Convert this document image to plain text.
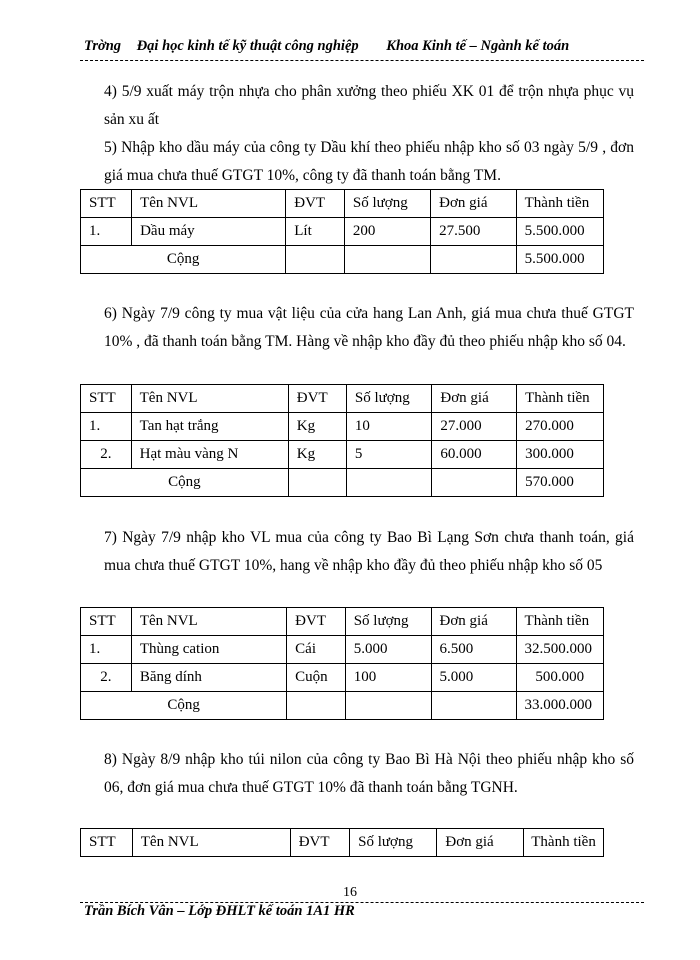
Trờng Đại học kinh tế kỹ thuật công nghiệp Khoa Kinh tế – Ngành kế toán
4) 5/9 xuất máy trộn nhựa cho phân xưởng theo phiếu XK 01 để trộn nhựa phục vụ sản xu ất
5) Nhập kho dầu máy của công ty Dầu khí theo phiếu nhập kho số 03 ngày 5/9 , đơn giá mua chưa thuế GTGT 10%, công ty đã thanh toán bằng TM.
STT	Tên NVL	ĐVT	Số lượng	Đơn giá	Thành tiền
1.	Dầu máy	Lít	200	27.500	5.500.000
Cộng					5.500.000
6) Ngày 7/9 công ty mua vật liệu của cửa hang Lan Anh, giá mua chưa thuế GTGT 10% , đã thanh toán bằng TM. Hàng về nhập kho đầy đủ theo phiếu nhập kho số 04.
STT	Tên NVL	ĐVT	Số lượng	Đơn giá	Thành tiền
1.	Tan hạt trắng	Kg	10	27.000	270.000
2.	Hạt màu vàng N	Kg	5	60.000	300.000
Cộng					570.000
7) Ngày 7/9 nhập kho VL mua của công ty Bao Bì Lạng Sơn chưa thanh toán, giá mua chưa thuế GTGT 10%, hang về nhập kho đầy đủ theo phiếu nhập kho số 05
STT	Tên NVL	ĐVT	Số lượng	Đơn giá	Thành tiền
1.	Thùng cation	Cái	5.000	6.500	32.500.000
2.	Băng dính	Cuộn	100	5.000	500.000
Cộng					33.000.000
8) Ngày 8/9 nhập kho túi nilon của công ty Bao Bì Hà Nội theo phiếu nhập kho số 06, đơn giá mua chưa thuế GTGT 10% đã thanh toán bằng TGNH.
STT	Tên NVL	ĐVT	Số lượng	Đơn giá	Thành tiền
16
Trần Bích Vân – Lớp ĐHLT kế toán 1A1 HR
